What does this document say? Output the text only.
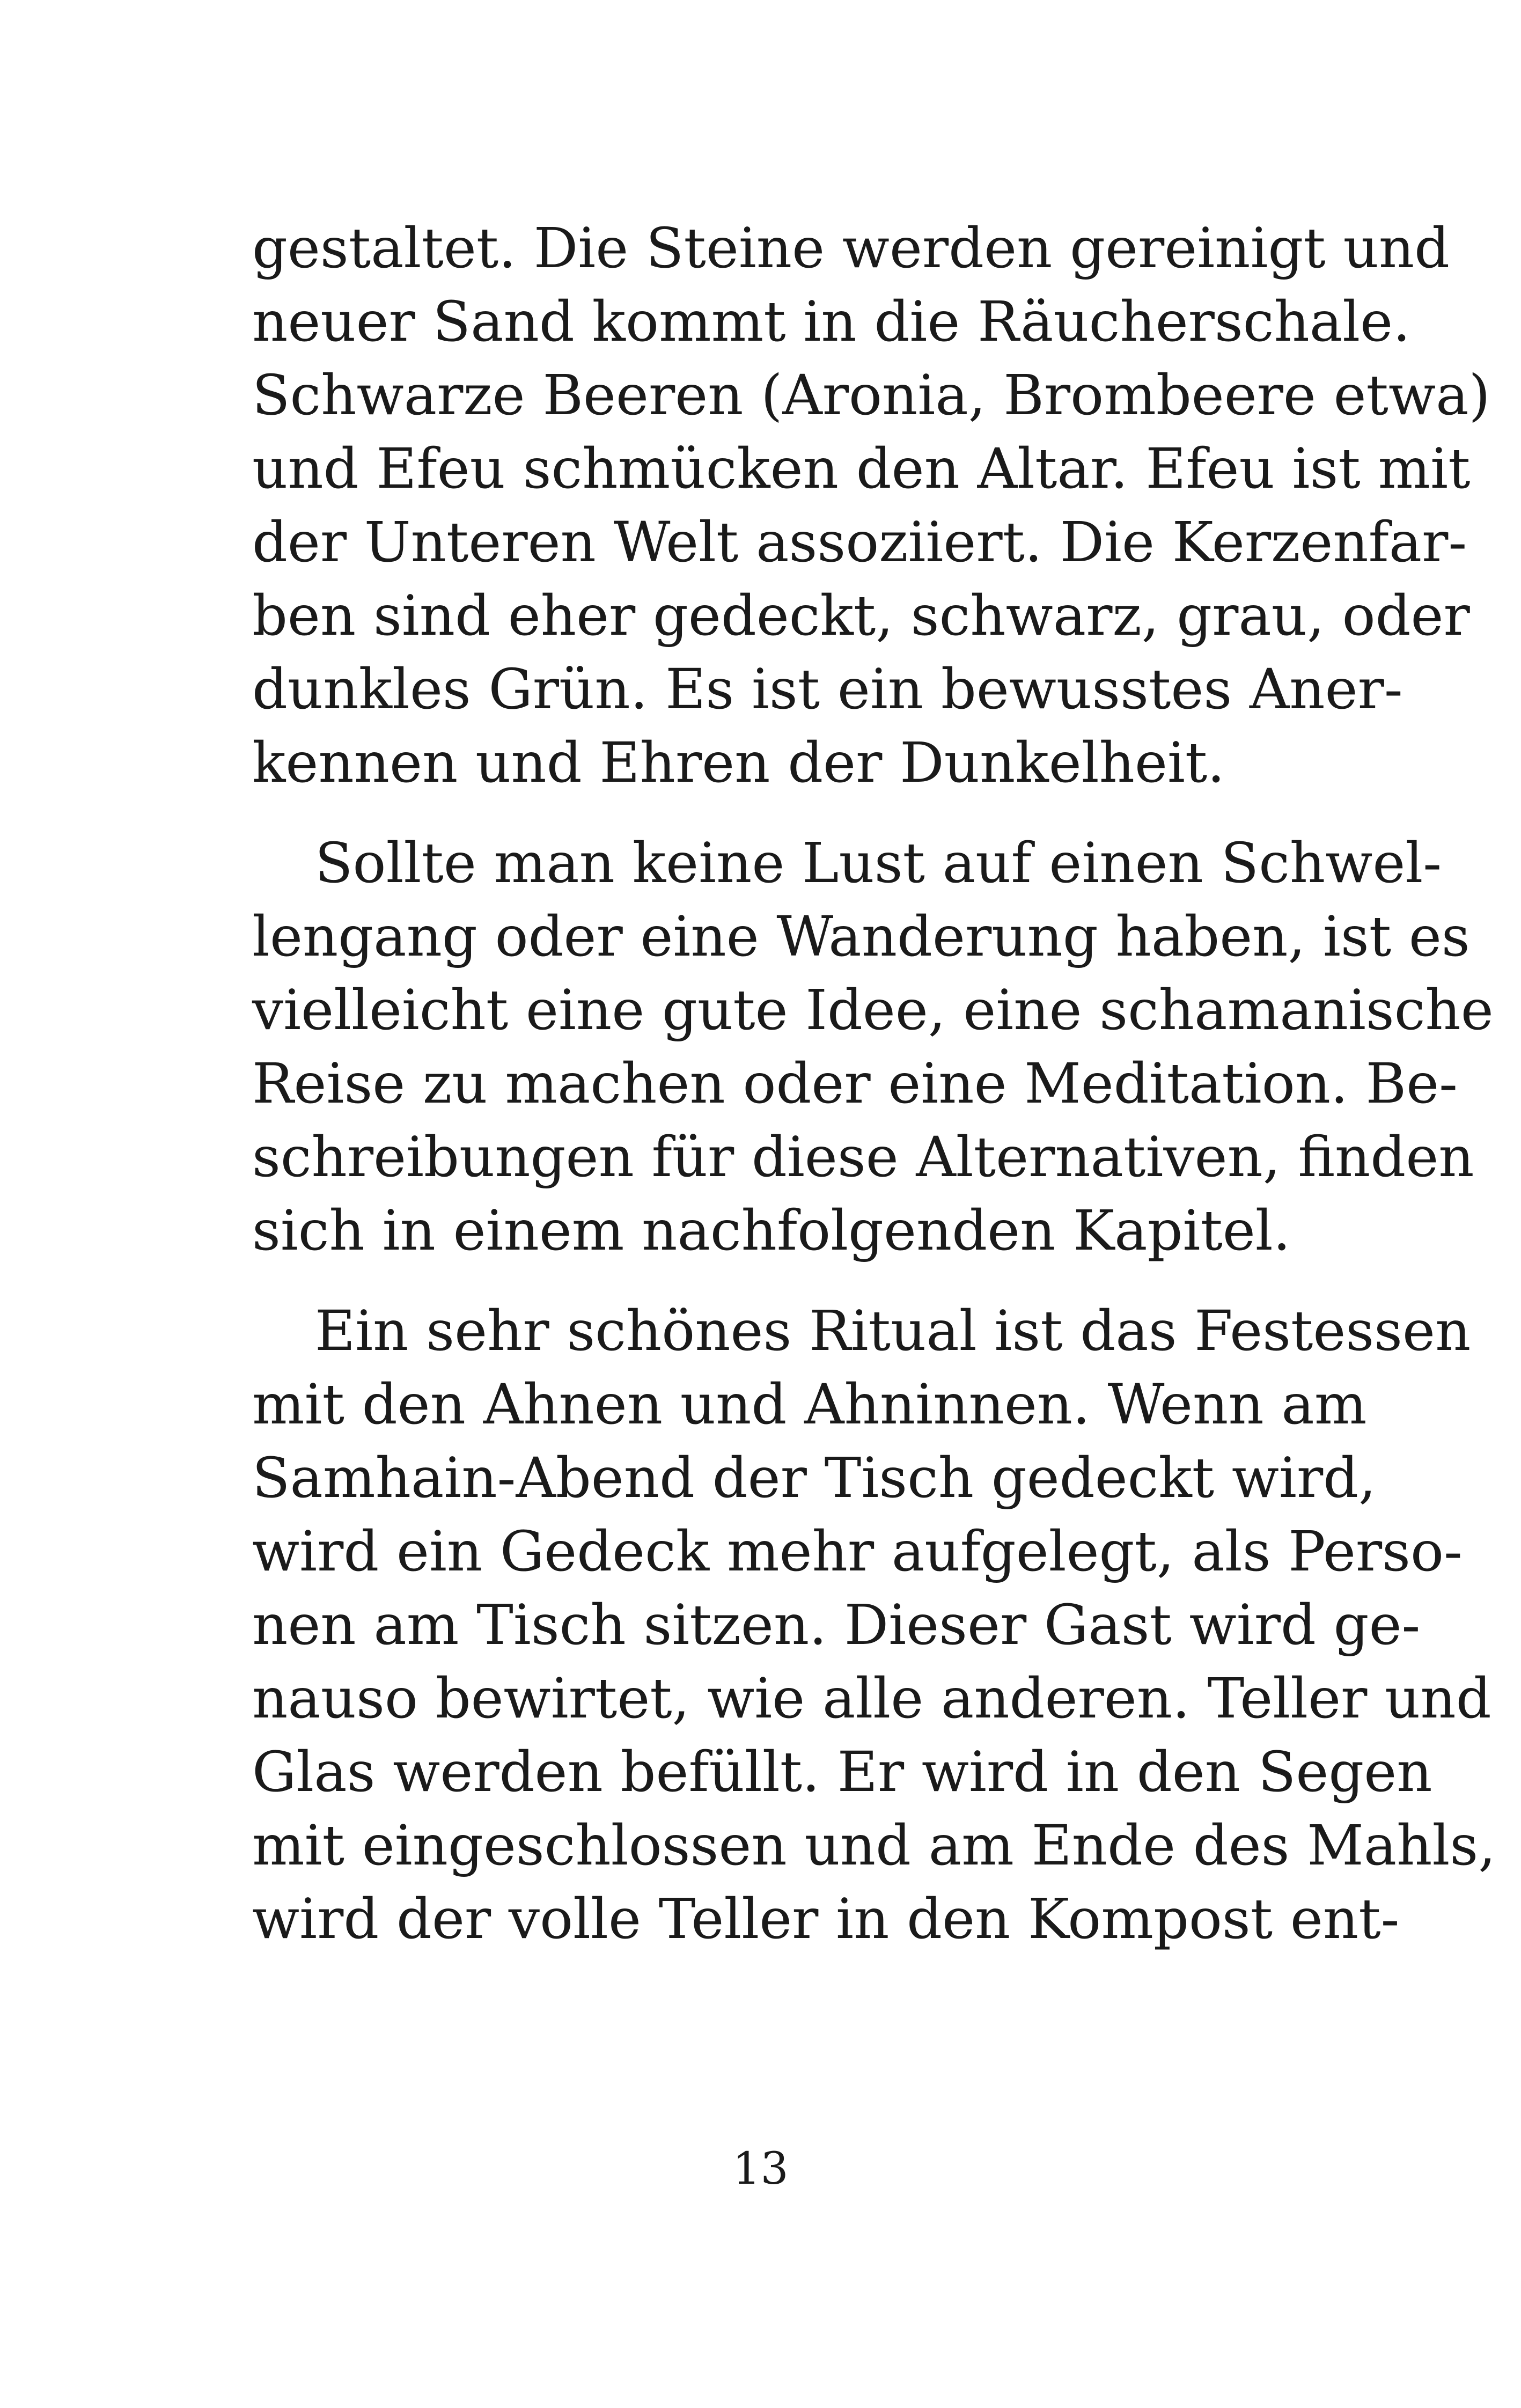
gestaltet. Die Steine werden gereinigt und
neuer Sand kommt in die Räucherschale.
Schwarze Beeren (Aronia, Brombeere etwa)
und Efeu schmücken den Altar. Efeu ist mit
der Unteren Welt assoziiert. Die Kerzenfar-
ben sind eher gedeckt, schwarz, grau, oder
dunkles Grün. Es ist ein bewusstes Aner-
kennen und Ehren der Dunkelheit.

Sollte man keine Lust auf einen Schwel-
lengang oder eine Wanderung haben, ist es
vielleicht eine gute Idee, eine schamanische
Reise zu machen oder eine Meditation. Be-
schreibungen für diese Alternativen, finden
sich in einem nachfolgenden Kapitel.

Ein sehr schönes Ritual ist das Festessen
mit den Ahnen und Ahninnen. Wenn am
Samhain-Abend der Tisch gedeckt wird,
wird ein Gedeck mehr aufgelegt, als Perso-
nen am Tisch sitzen. Dieser Gast wird ge-
nauso bewirtet, wie alle anderen. Teller und
Glas werden befüllt. Er wird in den Segen
mit eingeschlossen und am Ende des Mahls,
wird der volle Teller in den Kompost ent-

13
